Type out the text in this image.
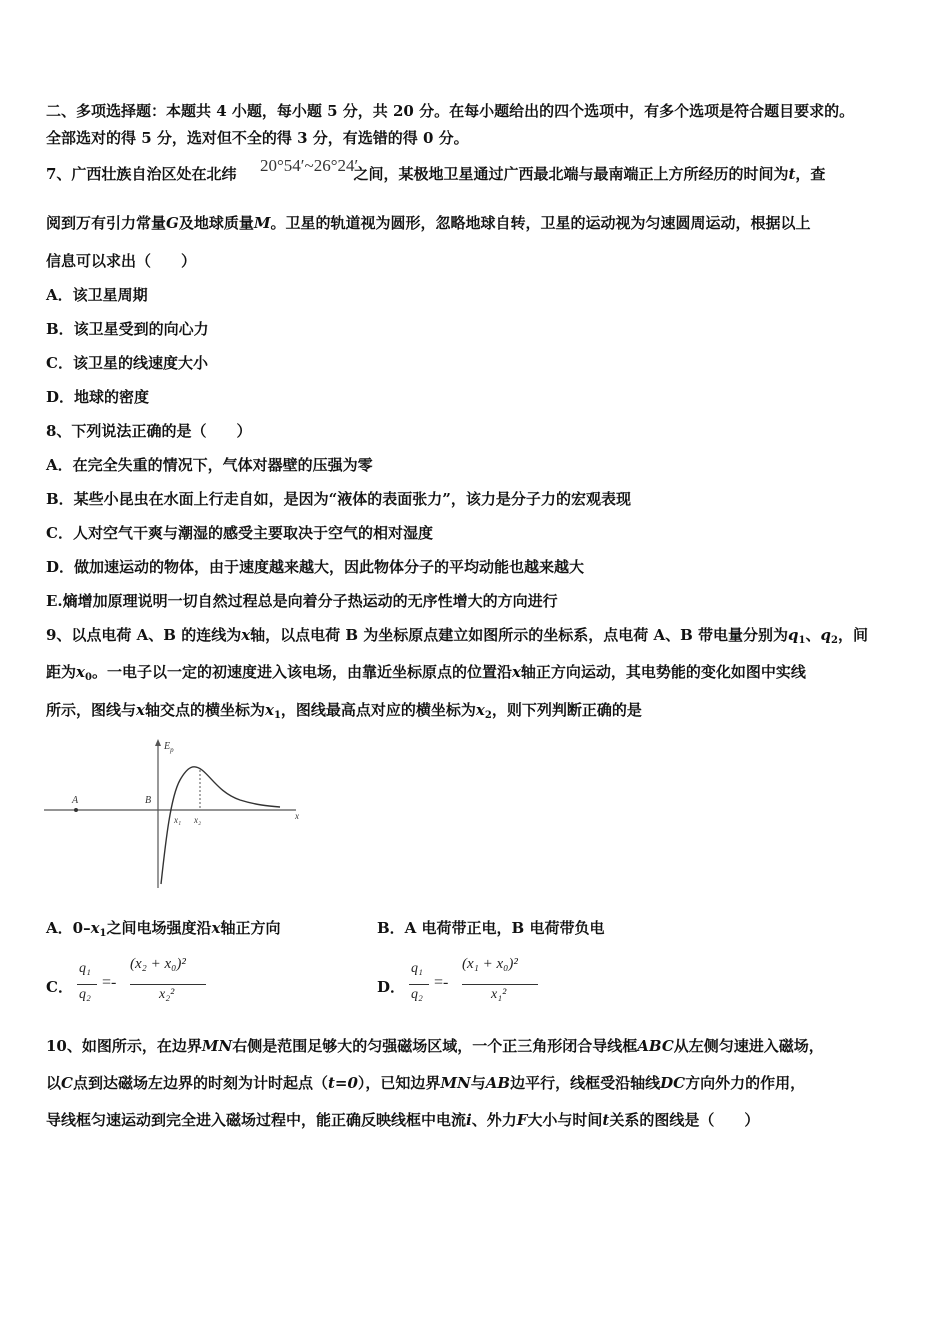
二、多项选择题：本题共 4 小题，每小题 5 分，共 20 分。在每小题给出的四个选项中，有多个选项是符合题目要求的。
全部选对的得 5 分，选对但不全的得 3 分，有选错的得 0 分。
7、广西壮族自治区处在北纬	之间，某极地卫星通过广西最北端与最南端正上方所经历的时间为t，查
20°54′~26°24′
阅到万有引力常量G及地球质量M。卫星的轨道视为圆形，忽略地球自转，卫星的运动视为匀速圆周运动，根据以上
信息可以求出（　　）
A．该卫星周期
B．该卫星受到的向心力
C．该卫星的线速度大小
D．地球的密度
8、下列说法正确的是（　　）
A．在完全失重的情况下，气体对器壁的压强为零
B．某些小昆虫在水面上行走自如，是因为“液体的表面张力”，该力是分子力的宏观表现
C．人对空气干爽与潮湿的感受主要取决于空气的相对湿度
D．做加速运动的物体，由于速度越来越大，因此物体分子的平均动能也越来越大
E.熵增加原理说明一切自然过程总是向着分子热运动的无序性增大的方向进行
9、以点电荷 A、B 的连线为x轴，以点电荷 B 为坐标原点建立如图所示的坐标系，点电荷 A、B 带电量分别为$q_1$、$q_2$，间
距为$x_0$。一电子以一定的初速度进入该电场，由靠近坐标原点的位置沿x轴正方向运动，其电势能的变化如图中实线
所示，图线与x轴交点的横坐标为$x_1$，图线最高点对应的横坐标为$x_2$，则下列判断正确的是
$E_p$
A	B
x₁ x₂	x
A．$0-x_1$之间电场强度沿x轴正方向	B．A 电荷带正电，B 电荷带负电
C．
q₁
q₂
=-
(x₂ + x₀)²
x₂²	D．
q₁
q₂
=-
(x₁ + x₀)²
x₁²
10、如图所示，在边界MN右侧是范围足够大的匀强磁场区域，一个正三角形闭合导线框ABC从左侧匀速进入磁场，
以C点到达磁场左边界的时刻为计时起点（t=0），已知边界MN与AB边平行，线框受沿轴线DC方向外力的作用，
导线框匀速运动到完全进入磁场过程中，能正确反映线框中电流i、外力F大小与时间t关系的图线是（　　）
